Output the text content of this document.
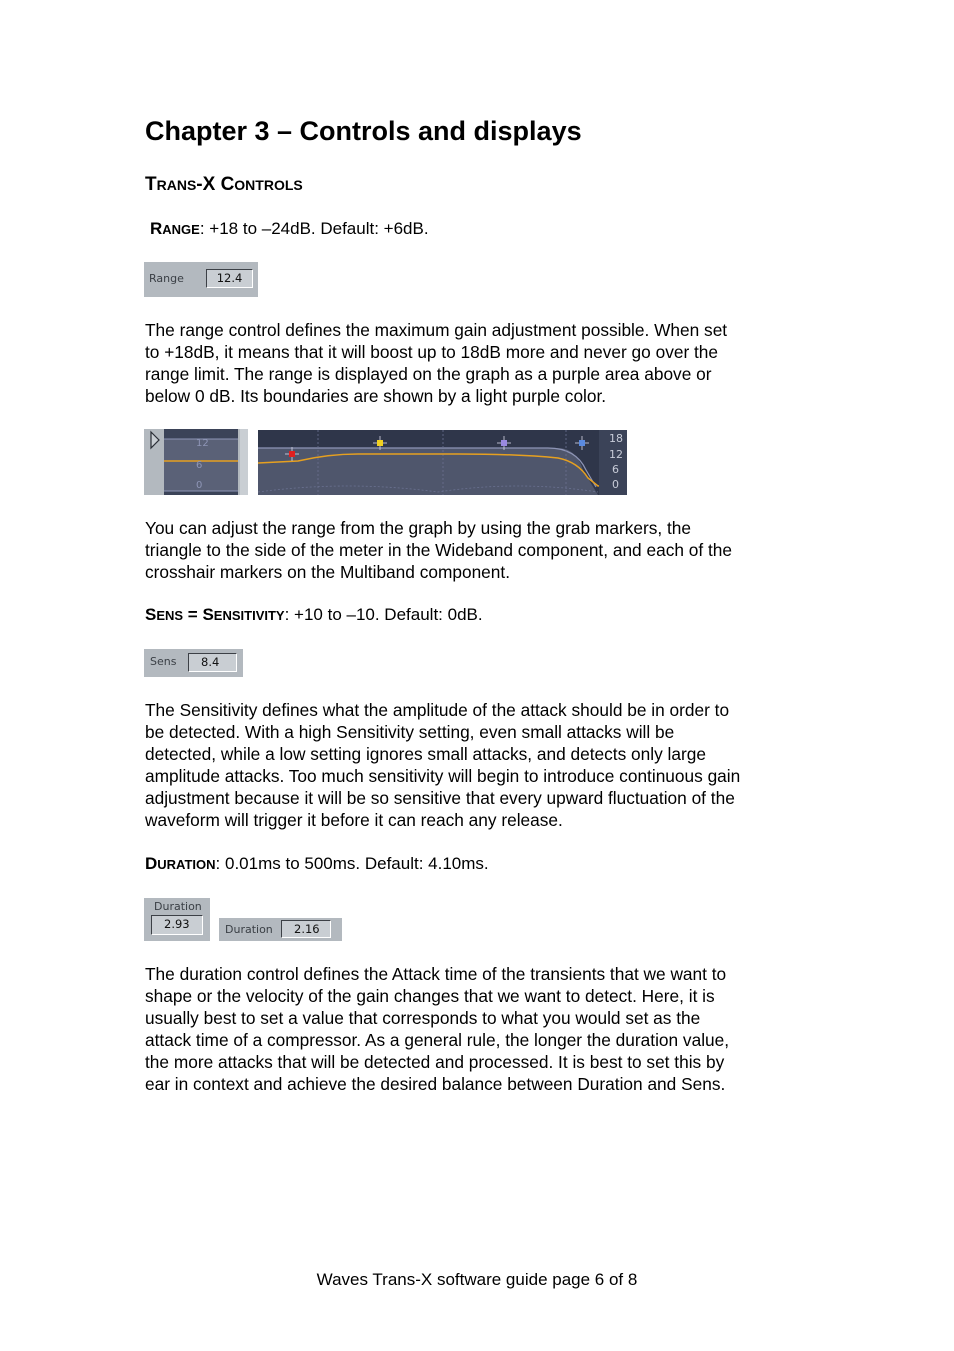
Chapter 3 – Controls and displays
TRANS-X CONTROLS
RANGE: +18 to –24dB. Default: +6dB.
Range	12.4

The range control defines the maximum gain adjustment possible. When set
to +18dB, it means that it will boost up to 18dB more and never go over the
range limit. The range is displayed on the graph as a purple area above or
below 0 dB. Its boundaries are shown by a light purple color.

12
6
0
18
12
6
0

You can adjust the range from the graph by using the grab markers, the
triangle to the side of the meter in the Wideband component, and each of the
crosshair markers on the Multiband component.

SENS = SENSITIVITY: +10 to –10. Default: 0dB.
Sens	8.4

The Sensitivity defines what the amplitude of the attack should be in order to
be detected. With a high Sensitivity setting, even small attacks will be
detected, while a low setting ignores small attacks, and detects only large
amplitude attacks. Too much sensitivity will begin to introduce continuous gain
adjustment because it will be so sensitive that every upward fluctuation of the
waveform will trigger it before it can reach any release.

DURATION: 0.01ms to 500ms. Default: 4.10ms.
Duration
2.93	Duration	2.16

The duration control defines the Attack time of the transients that we want to
shape or the velocity of the gain changes that we want to detect. Here, it is
usually best to set a value that corresponds to what you would set as the
attack time of a compressor. As a general rule, the longer the duration value,
the more attacks that will be detected and processed. It is best to set this by
ear in context and achieve the desired balance between Duration and Sens.

Waves Trans-X software guide page 6 of 8
